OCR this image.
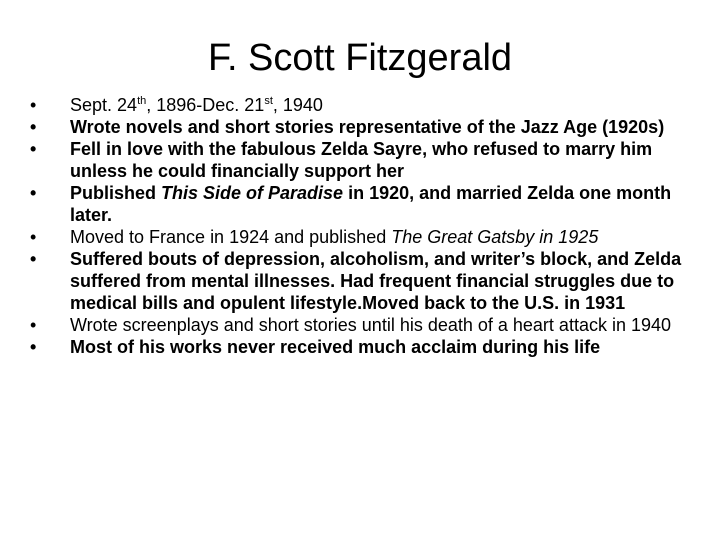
F. Scott Fitzgerald
•	Sept. 24th, 1896-Dec. 21st, 1940
•	Wrote novels and short stories representative of the Jazz Age (1920s)
•	Fell in love with the fabulous Zelda Sayre, who refused to marry him unless he could financially support her
•	Published This Side of Paradise in 1920, and married Zelda one month later.
•	Moved to France in 1924 and published The Great Gatsby in 1925
•	Suffered bouts of depression, alcoholism, and writer’s block, and Zelda suffered from mental illnesses. Had frequent financial struggles due to medical bills and opulent lifestyle.Moved back to the U.S. in 1931
•	Wrote screenplays and short stories until his death of a heart attack in 1940
•	Most of his works never received much acclaim during his life
